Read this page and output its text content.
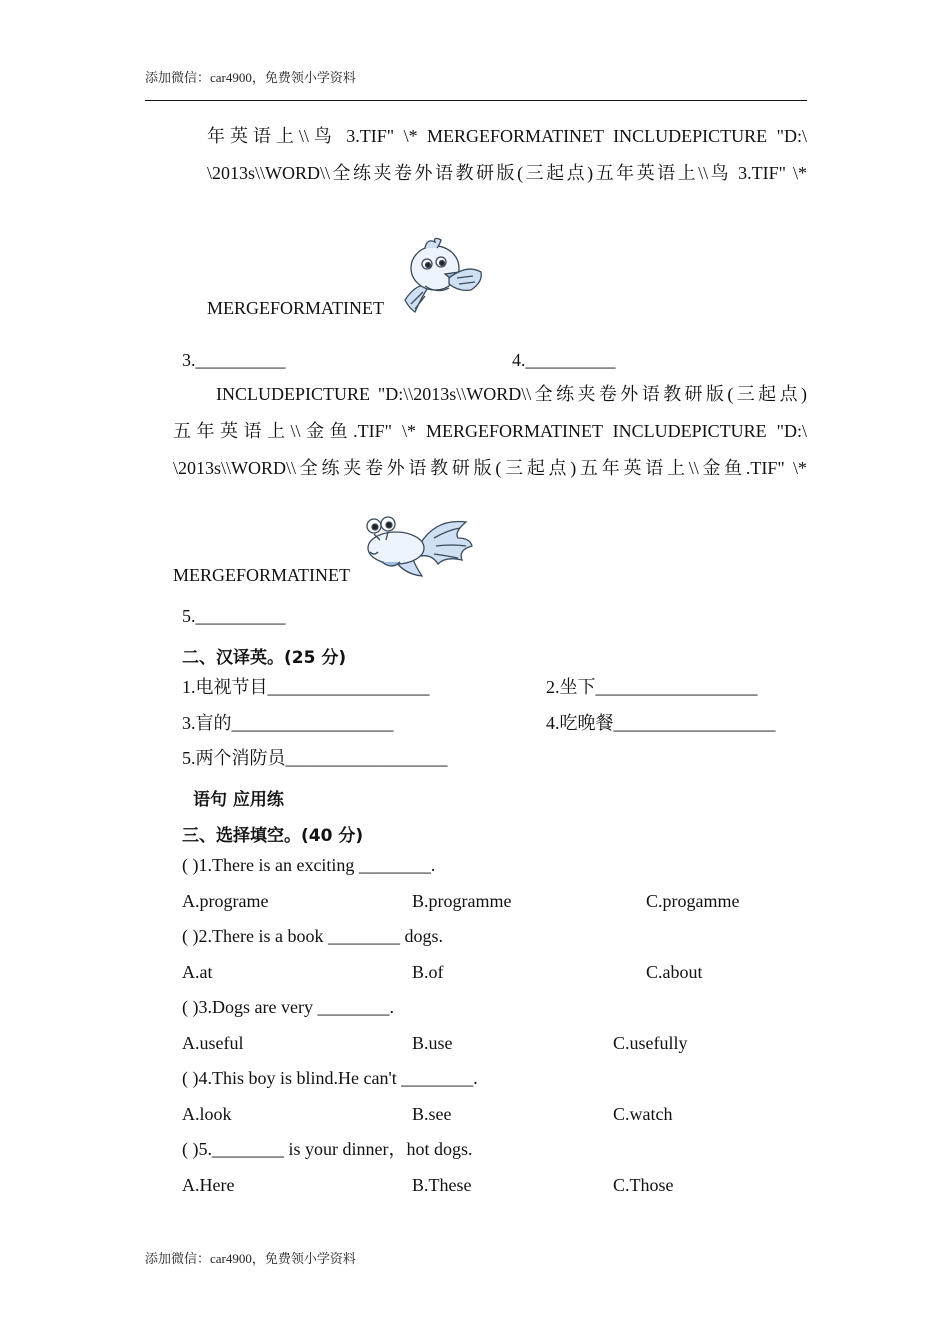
添加微信：car4900，免费领小学资料
年英语上\\鸟 3.TIF" \* MERGEFORMATINET INCLUDEPICTURE "D:\
\2013s\\WORD\\全练夹卷外语教研版(三起点)五年英语上\\鸟 3.TIF" \*
MERGEFORMATINET
3.__________	4.__________
INCLUDEPICTURE "D:\\2013s\\WORD\\全练夹卷外语教研版(三起点)
五年英语上\\金鱼.TIF" \* MERGEFORMATINET INCLUDEPICTURE "D:\
\2013s\\WORD\\全练夹卷外语教研版(三起点)五年英语上\\金鱼.TIF" \*
MERGEFORMATINET
5.__________
二、汉译英。(25 分)
1.电视节目__________________	2.坐下__________________
3.盲的__________________	4.吃晚餐__________________
5.两个消防员__________________
语句 应用练
三、选择填空。(40 分)
( )1.There is an exciting ________.
A.programe	B.programme	C.progamme
( )2.There is a book ________ dogs.
A.at	B.of	C.about
( )3.Dogs are very ________.
A.useful	B.use	C.usefully
( )4.This boy is blind.He can't ________.
A.look	B.see	C.watch
( )5.________ is your dinner，hot dogs.
A.Here	B.These	C.Those
添加微信：car4900，免费领小学资料
